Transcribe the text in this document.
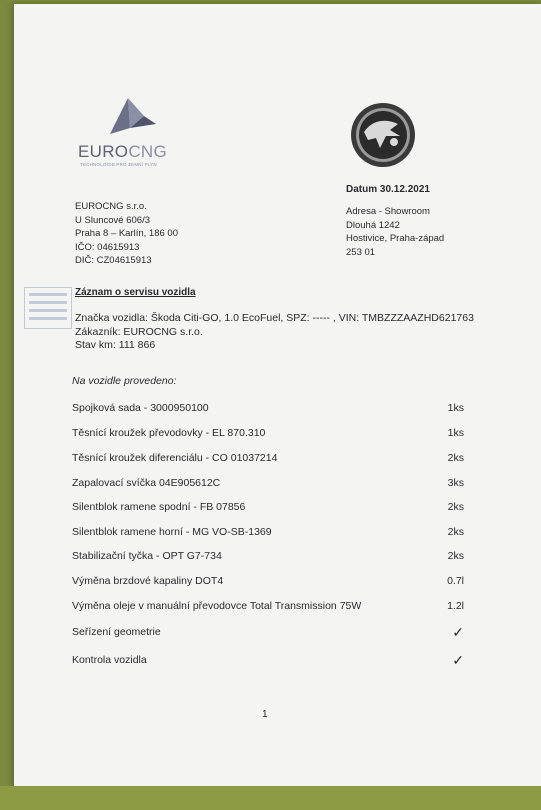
EUROCNG
TECHNOLOGIE PRO ZEMNÍ PLYN
Datum 30.12.2021
EUROCNG s.r.o.
U Sluncové 606/3
Praha 8 – Karlín, 186 00
IČO: 04615913
DIČ: CZ04615913
Adresa - Showroom
Dlouhá 1242
Hostivice, Praha-západ
253 01
Záznam o servisu vozidla
Značka vozidla: Škoda Citi-GO, 1.0 EcoFuel, SPZ: ----- , VIN: TMBZZZAAZHD621763
Zákazník: EUROCNG s.r.o.
Stav km: 111 866
Na vozidle provedeno:
Spojková sada - 3000950100	1ks
Těsnící kroužek převodovky - EL 870.310	1ks
Těsnící kroužek diferenciálu - CO 01037214	2ks
Zapalovací svíčka 04E905612C	3ks
Silentblok ramene spodní - FB 07856	2ks
Silentblok ramene horní - MG VO-SB-1369	2ks
Stabilizační tyčka - OPT G7-734	2ks
Výměna brzdové kapaliny DOT4	0.7l
Výměna oleje v manuální převodovce Total Transmission 75W	1.2l
Seřízení geometrie	✓
Kontrola vozidla	✓
1
